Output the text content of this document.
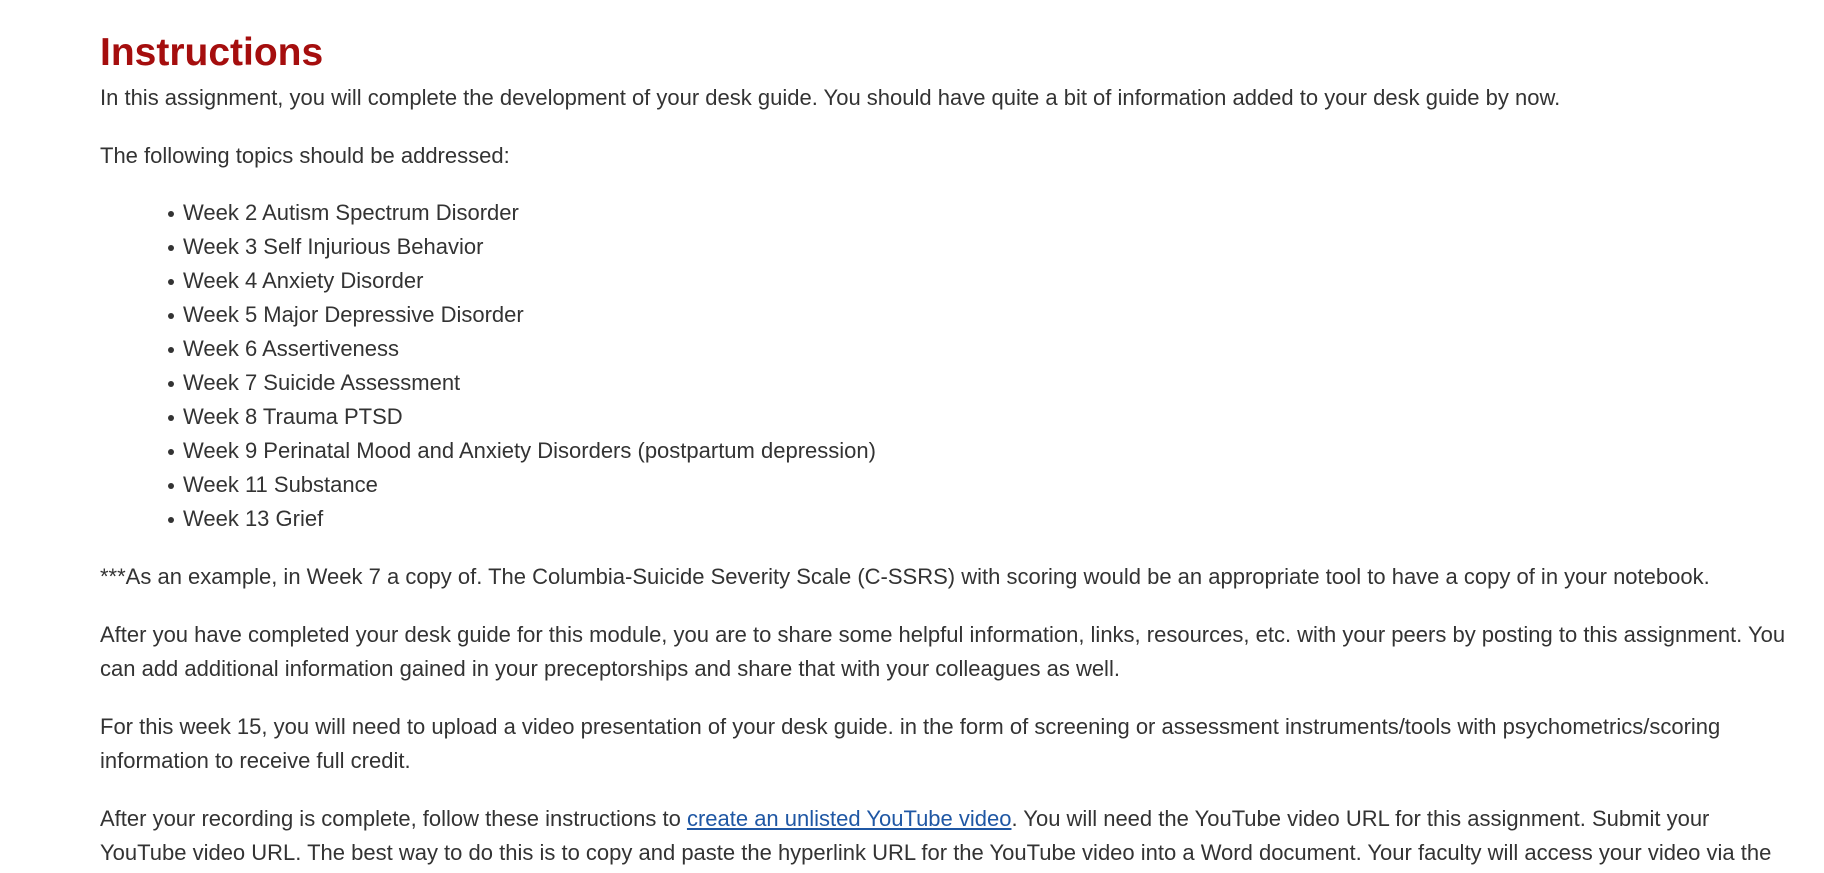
Instructions

In this assignment, you will complete the development of your desk guide. You should have quite a bit of information added to your desk guide by now.

The following topics should be addressed:

Week 2 Autism Spectrum Disorder
Week 3 Self Injurious Behavior
Week 4 Anxiety Disorder
Week 5 Major Depressive Disorder
Week 6 Assertiveness
Week 7 Suicide Assessment
Week 8 Trauma PTSD
Week 9 Perinatal Mood and Anxiety Disorders (postpartum depression)
Week 11 Substance
Week 13 Grief

***As an example, in Week 7 a copy of. The Columbia-Suicide Severity Scale (C-SSRS) with scoring would be an appropriate tool to have a copy of in your notebook.

After you have completed your desk guide for this module, you are to share some helpful information, links, resources, etc. with your peers by posting to this assignment. You
can add additional information gained in your preceptorships and share that with your colleagues as well.

For this week 15, you will need to upload a video presentation of your desk guide. in the form of screening or assessment instruments/tools with psychometrics/scoring
information to receive full credit.

After your recording is complete, follow these instructions to create an unlisted YouTube video. You will need the YouTube video URL for this assignment. Submit your
YouTube video URL. The best way to do this is to copy and paste the hyperlink URL for the YouTube video into a Word document. Your faculty will access your video via the
